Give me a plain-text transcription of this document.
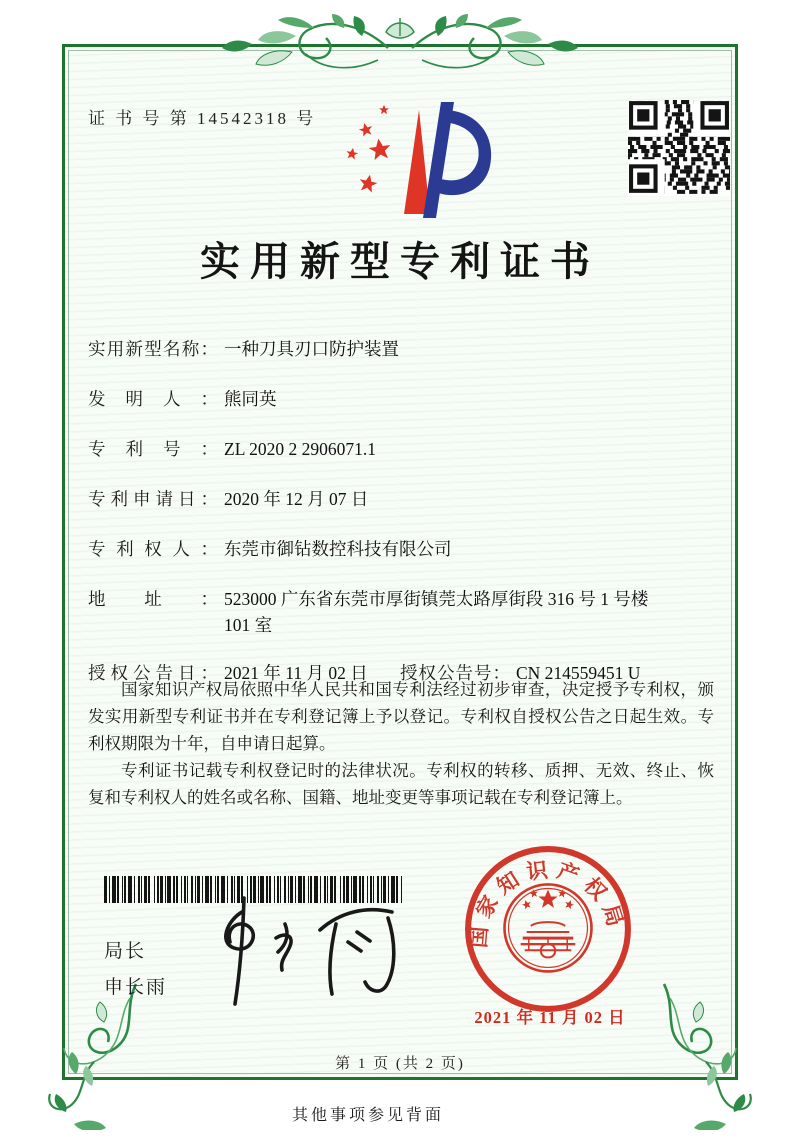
证 书 号 第 14542318 号
实用新型专利证书
实用新型名称： 一种刀具刃口防护装置
发明人： 熊同英
专利号： ZL 2020 2 2906071.1
专利申请日： 2020 年 12 月 07 日
专利权人： 东莞市御钻数控科技有限公司
地址： 523000 广东省东莞市厚街镇莞太路厚街段 316 号 1 号楼 101 室
授权公告日： 2021 年 11 月 02 日	授权公告号： CN 214559451 U

国家知识产权局依照中华人民共和国专利法经过初步审查，决定授予专利权，颁发实用新型专利证书并在专利登记簿上予以登记。专利权自授权公告之日起生效。专利权期限为十年，自申请日起算。

专利证书记载专利权登记时的法律状况。专利权的转移、质押、无效、终止、恢复和专利权人的姓名或名称、国籍、地址变更等事项记载在专利登记簿上。

局长
申长雨
国家知识产权局
2021 年 11 月 02 日
第 1 页 (共 2 页)
其他事项参见背面
